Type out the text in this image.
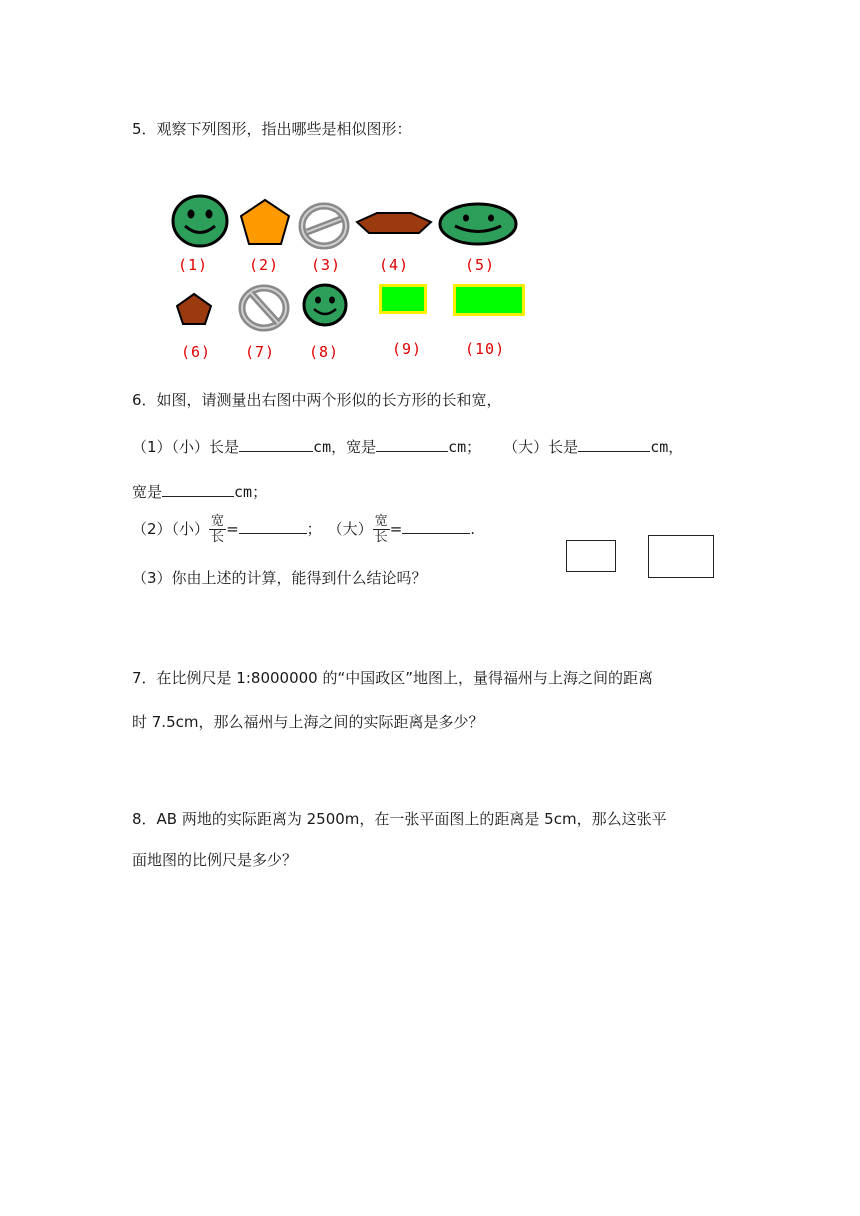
5．观察下列图形，指出哪些是相似图形：
(1)	(2) (3)	(4)	(5)
(6) (7) (8)	(9)	(10)
6．如图，请测量出右图中两个形似的长方形的长和宽，
（1）（小）长是	cm，宽是	cm； （大）长是	cm，
宽是	cm；
（2）（小） $\frac{\text{宽}}{\text{长}}$ =	； （大） $\frac{\text{宽}}{\text{长}}$ =	.
（3）你由上述的计算，能得到什么结论吗？
7．在比例尺是 1:8000000 的“中国政区”地图上，量得福州与上海之间的距离
时 7.5cm，那么福州与上海之间的实际距离是多少？
8．AB 两地的实际距离为 2500m，在一张平面图上的距离是 5cm，那么这张平
面地图的比例尺是多少？
